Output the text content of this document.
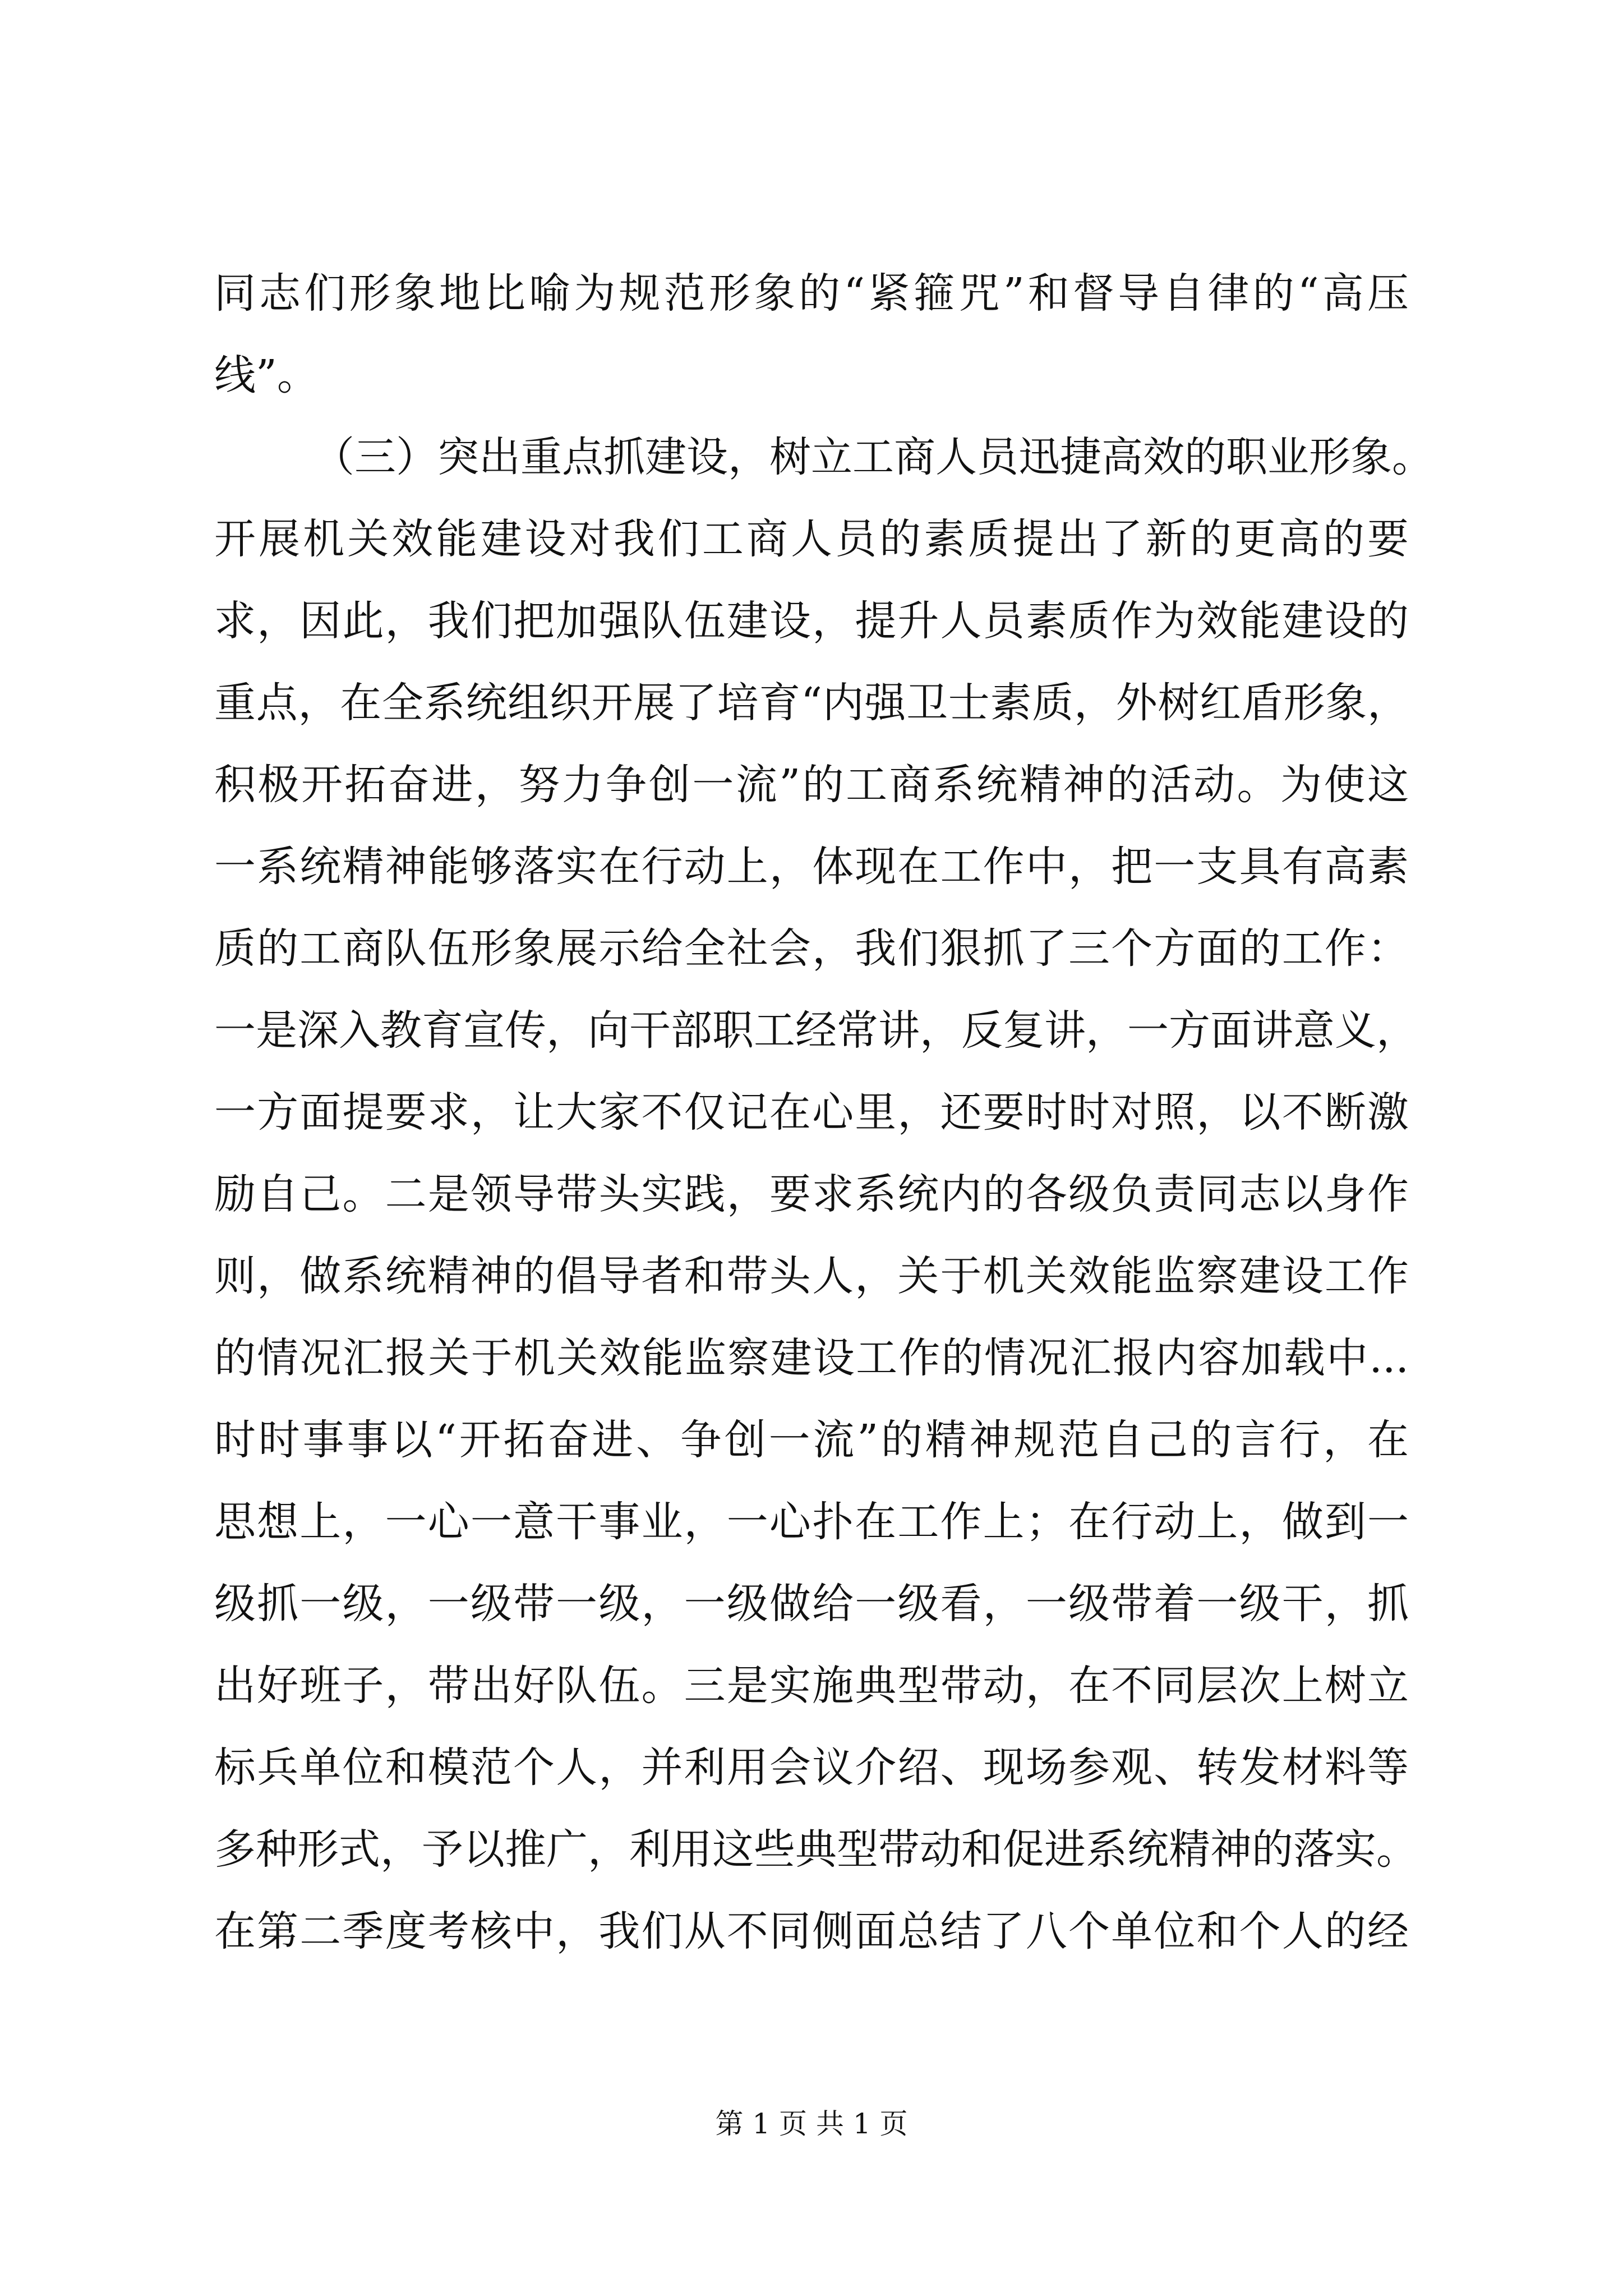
同志们形象地比喻为规范形象的“紧箍咒”和督导自律的“高压
线”。
（三）突出重点抓建设，树立工商人员迅捷高效的职业形象。
开展机关效能建设对我们工商人员的素质提出了新的更高的要
求，因此，我们把加强队伍建设，提升人员素质作为效能建设的
重点，在全系统组织开展了培育“内强卫士素质，外树红盾形象，
积极开拓奋进，努力争创一流”的工商系统精神的活动。为使这
一系统精神能够落实在行动上，体现在工作中，把一支具有高素
质的工商队伍形象展示给全社会，我们狠抓了三个方面的工作：
一是深入教育宣传，向干部职工经常讲，反复讲，一方面讲意义，
一方面提要求，让大家不仅记在心里，还要时时对照，以不断激
励自己。二是领导带头实践，要求系统内的各级负责同志以身作
则，做系统精神的倡导者和带头人，关于机关效能监察建设工作
的情况汇报关于机关效能监察建设工作的情况汇报内容加载中...
时时事事以“开拓奋进、争创一流”的精神规范自己的言行，在
思想上，一心一意干事业，一心扑在工作上；在行动上，做到一
级抓一级，一级带一级，一级做给一级看，一级带着一级干，抓
出好班子，带出好队伍。三是实施典型带动，在不同层次上树立
标兵单位和模范个人，并利用会议介绍、现场参观、转发材料等
多种形式，予以推广，利用这些典型带动和促进系统精神的落实。
在第二季度考核中，我们从不同侧面总结了八个单位和个人的经
第 1 页 共 1 页
